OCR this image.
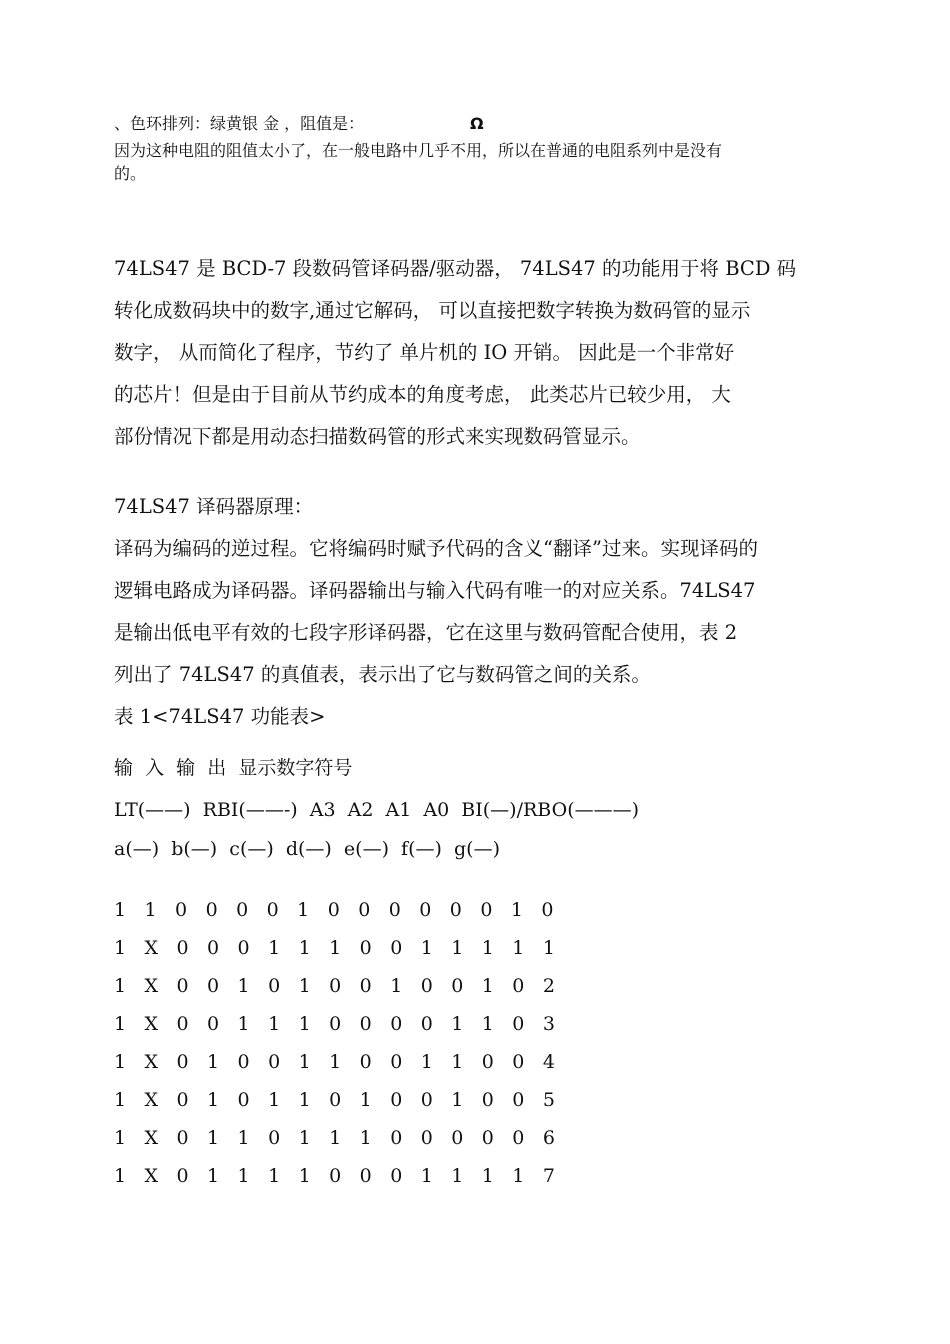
、色环排列：绿黄银 金 ，阻值是：	Ω
因为这种电阻的阻值太小了，在一般电路中几乎不用，所以在普通的电阻系列中是没有
的。
74LS47 是 BCD-7 段数码管译码器/驱动器， 74LS47 的功能用于将 BCD 码
转化成数码块中的数字,通过它解码， 可以直接把数字转换为数码管的显示
数字， 从而简化了程序，节约了 单片机的 IO 开销。 因此是一个非常好
的芯片！但是由于目前从节约成本的角度考虑， 此类芯片已较少用， 大
部份情况下都是用动态扫描数码管的形式来实现数码管显示。
74LS47 译码器原理：
译码为编码的逆过程。它将编码时赋予代码的含义“翻译”过来。实现译码的
逻辑电路成为译码器。译码器输出与输入代码有唯一的对应关系。74LS47
是输出低电平有效的七段字形译码器，它在这里与数码管配合使用，表 2
列出了 74LS47 的真值表，表示出了它与数码管之间的关系。
表 1<74LS47 功能表>
输  入  输  出  显示数字符号
LT(——)  RBI(——-)  A3  A2  A1  A0  BI(—)/RBO(———)
a(—)  b(—)  c(—)  d(—)  e(—)  f(—)  g(—)
1 1 0 0 0 0 1 0 0 0 0 0 0 1 0
1 X 0 0 0 1 1 1 0 0 1 1 1 1 1
1 X 0 0 1 0 1 0 0 1 0 0 1 0 2
1 X 0 0 1 1 1 0 0 0 0 1 1 0 3
1 X 0 1 0 0 1 1 0 0 1 1 0 0 4
1 X 0 1 0 1 1 0 1 0 0 1 0 0 5
1 X 0 1 1 0 1 1 1 0 0 0 0 0 6
1 X 0 1 1 1 1 0 0 0 1 1 1 1 7
